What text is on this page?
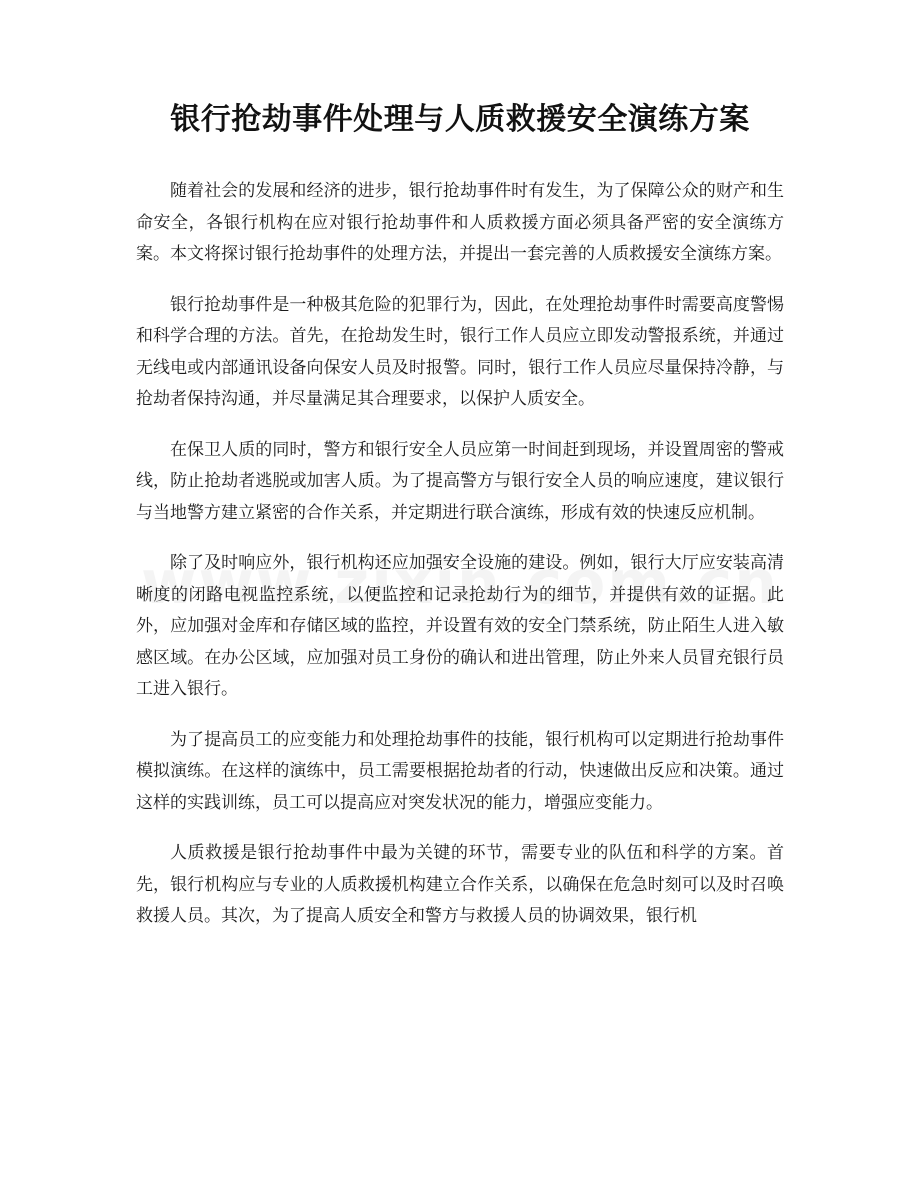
银行抢劫事件处理与人质救援安全演练方案

随着社会的发展和经济的进步，银行抢劫事件时有发生，为了保障公众的财产和生命安全，各银行机构在应对银行抢劫事件和人质救援方面必须具备严密的安全演练方案。本文将探讨银行抢劫事件的处理方法，并提出一套完善的人质救援安全演练方案。

银行抢劫事件是一种极其危险的犯罪行为，因此，在处理抢劫事件时需要高度警惕和科学合理的方法。首先，在抢劫发生时，银行工作人员应立即发动警报系统，并通过无线电或内部通讯设备向保安人员及时报警。同时，银行工作人员应尽量保持冷静，与抢劫者保持沟通，并尽量满足其合理要求，以保护人质安全。

在保卫人质的同时，警方和银行安全人员应第一时间赶到现场，并设置周密的警戒线，防止抢劫者逃脱或加害人质。为了提高警方与银行安全人员的响应速度，建议银行与当地警方建立紧密的合作关系，并定期进行联合演练，形成有效的快速反应机制。

除了及时响应外，银行机构还应加强安全设施的建设。例如，银行大厅应安装高清晰度的闭路电视监控系统，以便监控和记录抢劫行为的细节，并提供有效的证据。此外，应加强对金库和存储区域的监控，并设置有效的安全门禁系统，防止陌生人进入敏感区域。在办公区域，应加强对员工身份的确认和进出管理，防止外来人员冒充银行员工进入银行。

为了提高员工的应变能力和处理抢劫事件的技能，银行机构可以定期进行抢劫事件模拟演练。在这样的演练中，员工需要根据抢劫者的行动，快速做出反应和决策。通过这样的实践训练，员工可以提高应对突发状况的能力，增强应变能力。

人质救援是银行抢劫事件中最为关键的环节，需要专业的队伍和科学的方案。首先，银行机构应与专业的人质救援机构建立合作关系，以确保在危急时刻可以及时召唤救援人员。其次，为了提高人质安全和警方与救援人员的协调效果，银行机
